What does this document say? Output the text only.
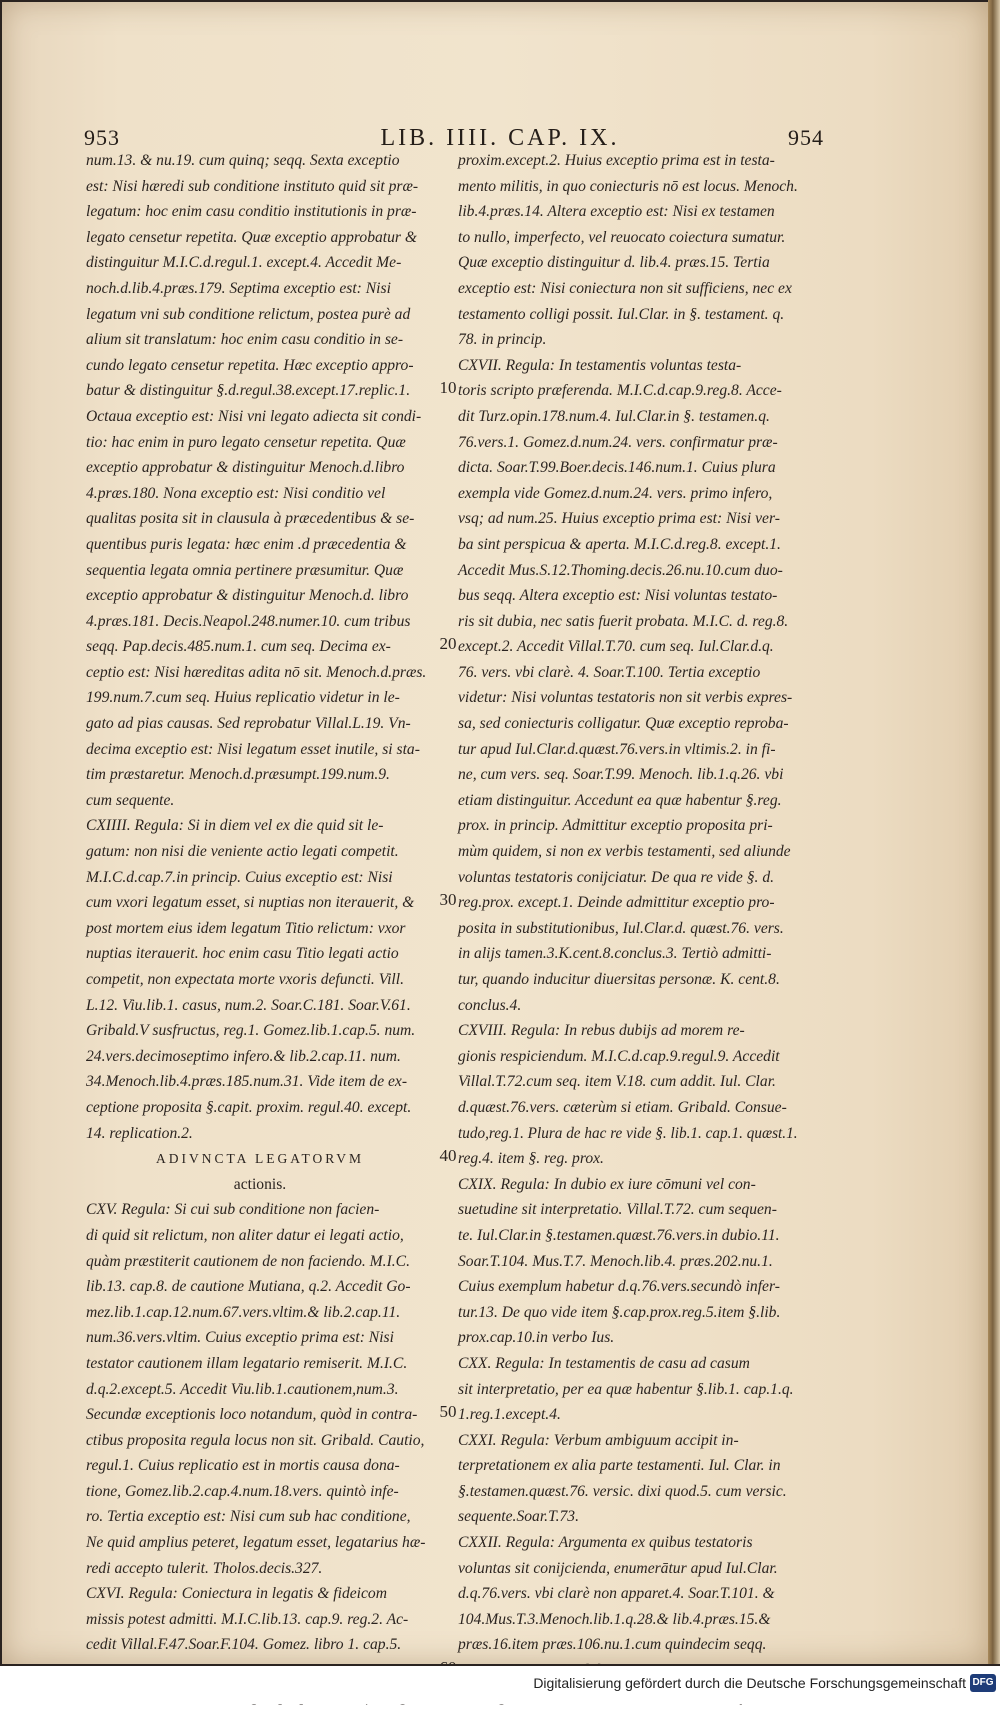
953	LIB. IIII. CAP. IX.	954
num.13. & nu.19. cum quinq; seqq. Sexta exceptio
est: Nisi hæredi sub conditione instituto quid sit præ-
legatum: hoc enim casu conditio institutionis in præ-
legato censetur repetita. Quæ exceptio approbatur &
distinguitur M.I.C.d.regul.1. except.4. Accedit Me-
noch.d.lib.4.præs.179. Septima exceptio est: Nisi
legatum vni sub conditione relictum, postea purè ad
alium sit translatum: hoc enim casu conditio in se-
cundo legato censetur repetita. Hæc exceptio appro-
batur & distinguitur §.d.regul.38.except.17.replic.1.
Octaua exceptio est: Nisi vni legato adiecta sit condi-
tio: hac enim in puro legato censetur repetita. Quæ
exceptio approbatur & distinguitur Menoch.d.libro
4.præs.180. Nona exceptio est: Nisi conditio vel
qualitas posita sit in clausula à præcedentibus & se-
quentibus puris legata: hæc enim .d præcedentia &
sequentia legata omnia pertinere præsumitur. Quæ
exceptio approbatur & distinguitur Menoch.d. libro
4.præs.181. Decis.Neapol.248.numer.10. cum tribus
seqq. Pap.decis.485.num.1. cum seq. Decima ex-
ceptio est: Nisi hæreditas adita nō sit. Menoch.d.præs.
199.num.7.cum seq. Huius replicatio videtur in le-
gato ad pias causas. Sed reprobatur Villal.L.19. Vn-
decima exceptio est: Nisi legatum esset inutile, si sta-
tim præstaretur. Menoch.d.præsumpt.199.num.9.
cum sequente.
CXIIII. Regula: Si in diem vel ex die quid sit le-
gatum: non nisi die veniente actio legati competit.
M.I.C.d.cap.7.in princip. Cuius exceptio est: Nisi
cum vxori legatum esset, si nuptias non iterauerit, &
post mortem eius idem legatum Titio relictum: vxor
nuptias iterauerit. hoc enim casu Titio legati actio
competit, non expectata morte vxoris defuncti. Vill.
L.12. Viu.lib.1. casus, num.2. Soar.C.181. Soar.V.61.
Gribald.V susfructus, reg.1. Gomez.lib.1.cap.5. num.
24.vers.decimoseptimo infero.& lib.2.cap.11. num.
34.Menoch.lib.4.præs.185.num.31. Vide item de ex-
ceptione proposita §.capit. proxim. regul.40. except.
14. replication.2.
ADIVNCTA LEGATORVM
actionis.
CXV. Regula: Si cui sub conditione non facien-
di quid sit relictum, non aliter datur ei legati actio,
quàm præstiterit cautionem de non faciendo. M.I.C.
lib.13. cap.8. de cautione Mutiana, q.2. Accedit Go-
mez.lib.1.cap.12.num.67.vers.vltim.& lib.2.cap.11.
num.36.vers.vltim. Cuius exceptio prima est: Nisi
testator cautionem illam legatario remiserit. M.I.C.
d.q.2.except.5. Accedit Viu.lib.1.cautionem,num.3.
Secundæ exceptionis loco notandum, quòd in contra-
ctibus proposita regula locus non sit. Gribald. Cautio,
regul.1. Cuius replicatio est in mortis causa dona-
tione, Gomez.lib.2.cap.4.num.18.vers. quintò infe-
ro. Tertia exceptio est: Nisi cum sub hac conditione,
Ne quid amplius peteret, legatum esset, legatarius hæ-
redi accepto tulerit. Tholos.decis.327.
CXVI. Regula: Coniectura in legatis & fideicom
missis potest admitti. M.I.C.lib.13. cap.9. reg.2. Ac-
cedit Villal.F.47.Soar.F.104. Gomez. libro 1. cap.5.
10
20
30
40
50
proxim.except.2. Huius exceptio prima est in testa-
mento militis, in quo coniecturis nō est locus. Menoch.
lib.4.præs.14. Altera exceptio est: Nisi ex testamen
to nullo, imperfecto, vel reuocato coiectura sumatur.
Quæ exceptio distinguitur d. lib.4. præs.15. Tertia
exceptio est: Nisi coniectura non sit sufficiens, nec ex
testamento colligi possit. Iul.Clar. in §. testament. q.
78. in princip.
CXVII. Regula: In testamentis voluntas testa-
toris scripto præferenda. M.I.C.d.cap.9.reg.8. Acce-
dit Turz.opin.178.num.4. Iul.Clar.in §. testamen.q.
76.vers.1. Gomez.d.num.24. vers. confirmatur præ-
dicta. Soar.T.99.Boer.decis.146.num.1. Cuius plura
exempla vide Gomez.d.num.24. vers. primo infero,
vsq; ad num.25. Huius exceptio prima est: Nisi ver-
ba sint perspicua & aperta. M.I.C.d.reg.8. except.1.
Accedit Mus.S.12.Thoming.decis.26.nu.10.cum duo-
bus seqq. Altera exceptio est: Nisi voluntas testato-
ris sit dubia, nec satis fuerit probata. M.I.C. d. reg.8.
except.2. Accedit Villal.T.70. cum seq. Iul.Clar.d.q.
76. vers. vbi clarè. 4. Soar.T.100. Tertia exceptio
videtur: Nisi voluntas testatoris non sit verbis expres-
sa, sed coniecturis colligatur. Quæ exceptio reproba-
tur apud Iul.Clar.d.quæst.76.vers.in vltimis.2. in fi-
ne, cum vers. seq. Soar.T.99. Menoch. lib.1.q.26. vbi
etiam distinguitur. Accedunt ea quæ habentur §.reg.
prox. in princip. Admittitur exceptio proposita pri-
mùm quidem, si non ex verbis testamenti, sed aliunde
voluntas testatoris conijciatur. De qua re vide §. d.
reg.prox. except.1. Deinde admittitur exceptio pro-
posita in substitutionibus, Iul.Clar.d. quæst.76. vers.
in alijs tamen.3.K.cent.8.conclus.3. Tertiò admitti-
tur, quando inducitur diuersitas personæ. K. cent.8.
conclus.4.
CXVIII. Regula: In rebus dubijs ad morem re-
gionis respiciendum. M.I.C.d.cap.9.regul.9. Accedit
Villal.T.72.cum seq. item V.18. cum addit. Iul. Clar.
d.quæst.76.vers. cæterùm si etiam. Gribald. Consue-
tudo,reg.1. Plura de hac re vide §. lib.1. cap.1. quæst.1.
reg.4. item §. reg. prox.
CXIX. Regula: In dubio ex iure cōmuni vel con-
suetudine sit interpretatio. Villal.T.72. cum sequen-
te. Iul.Clar.in §.testamen.quæst.76.vers.in dubio.11.
Soar.T.104. Mus.T.7. Menoch.lib.4. præs.202.nu.1.
Cuius exemplum habetur d.q.76.vers.secundò infer-
tur.13. De quo vide item §.cap.prox.reg.5.item §.lib.
prox.cap.10.in verbo Ius.
CXX. Regula: In testamentis de casu ad casum
sit interpretatio, per ea quæ habentur §.lib.1. cap.1.q.
1.reg.1.except.4.
CXXI. Regula: Verbum ambiguum accipit in-
terpretationem ex alia parte testamenti. Iul. Clar. in
§.testamen.quæst.76. versic. dixi quod.5. cum versic.
sequente.Soar.T.73.
CXXII. Regula: Argumenta ex quibus testatoris
voluntas sit conijcienda, enumerātur apud Iul.Clar.
d.q.76.vers. vbi clarè non apparet.4. Soar.T.101. &
104.Mus.T.3.Menoch.lib.1.q.28.& lib.4.præs.15.&
præs.16.item præs.106.nu.1.cum quindecim seqq.
Digitalisierung gefördert durch die Deutsche Forschungsgemeinschaft DFG
